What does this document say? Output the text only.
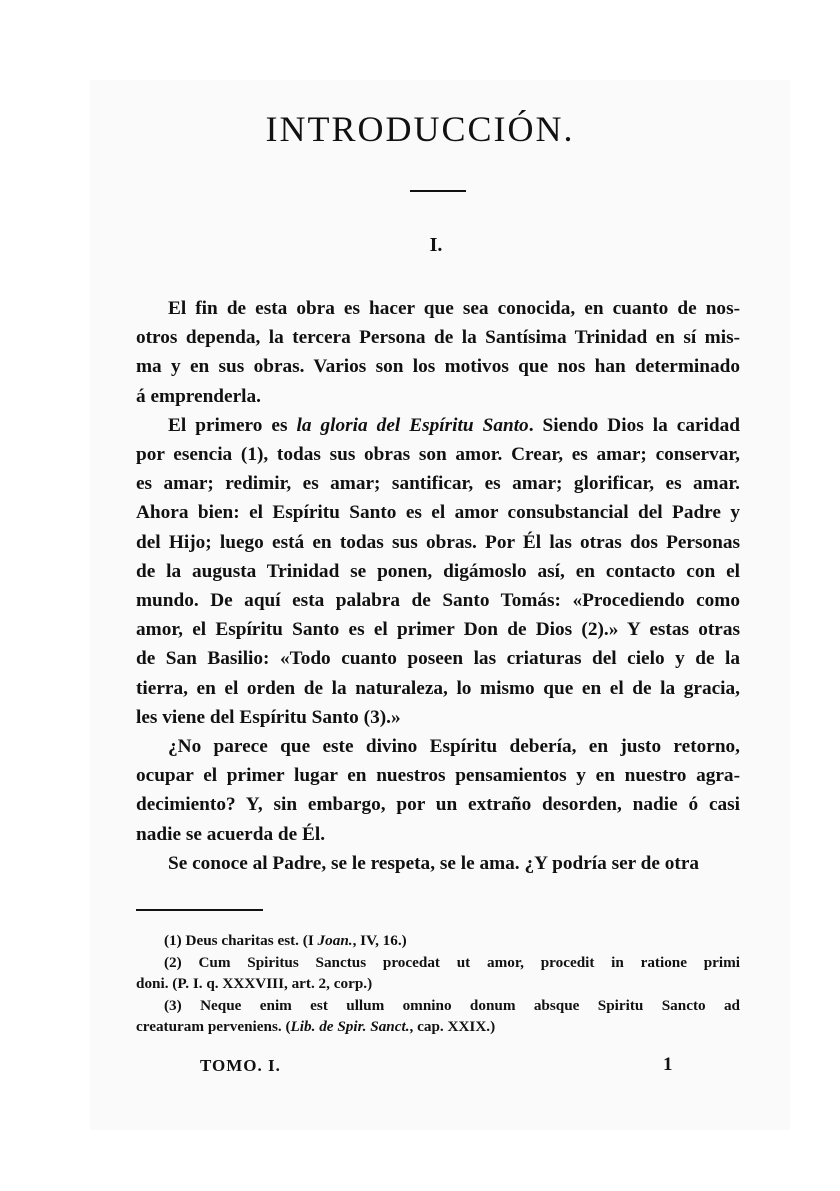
INTRODUCCIÓN.
I.
El fin de esta obra es hacer que sea conocida, en cuanto de nos-
otros dependa, la tercera Persona de la Santísima Trinidad en sí mis-
ma y en sus obras. Varios son los motivos que nos han determinado
á emprenderla.
El primero es la gloria del Espíritu Santo. Siendo Dios la caridad
por esencia (1), todas sus obras son amor. Crear, es amar; conservar,
es amar; redimir, es amar; santificar, es amar; glorificar, es amar.
Ahora bien: el Espíritu Santo es el amor consubstancial del Padre y
del Hijo; luego está en todas sus obras. Por Él las otras dos Personas
de la augusta Trinidad se ponen, digámoslo así, en contacto con el
mundo. De aquí esta palabra de Santo Tomás: «Procediendo como
amor, el Espíritu Santo es el primer Don de Dios (2).» Y estas otras
de San Basilio: «Todo cuanto poseen las criaturas del cielo y de la
tierra, en el orden de la naturaleza, lo mismo que en el de la gracia,
les viene del Espíritu Santo (3).»
¿No parece que este divino Espíritu debería, en justo retorno,
ocupar el primer lugar en nuestros pensamientos y en nuestro agra-
decimiento? Y, sin embargo, por un extraño desorden, nadie ó casi
nadie se acuerda de Él.
Se conoce al Padre, se le respeta, se le ama. ¿Y podría ser de otra
(1) Deus charitas est. (I Joan., IV, 16.)
(2) Cum Spiritus Sanctus procedat ut amor, procedit in ratione primi
doni. (P. I. q. XXXVIII, art. 2, corp.)
(3) Neque enim est ullum omnino donum absque Spiritu Sancto ad
creaturam perveniens. (Lib. de Spir. Sanct., cap. XXIX.)
TOMO. I.	1
